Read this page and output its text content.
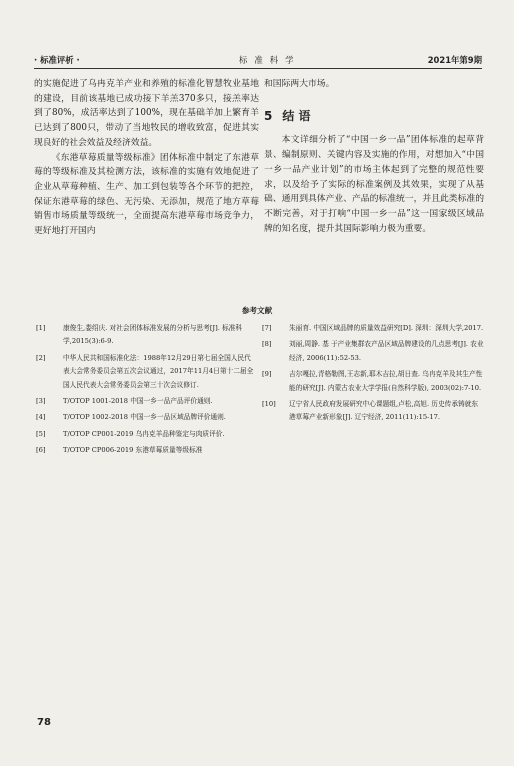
· 标准评析 ·	标准科学	2021年第9期

的实施促进了乌冉克羊产业和养殖的标准化智慧牧业基地的建设，目前该基地已成功接下羊羔370多只，接羔率达到了80%，成活率达到了100%，现在基础羊加上繁育羊已达到了800只，带动了当地牧民的增收致富，促进其实现良好的社会效益及经济效益。

《东港草莓质量等级标准》团体标准中制定了东港草莓的等级标准及其检测方法，该标准的实施有效地促进了企业从草莓种植、生产、加工到包装等各个环节的把控，保证东港草莓的绿色、无污染、无添加，规范了地方草莓销售市场质量等级统一，全面提高东港草莓市场竞争力，更好地打开国内

和国际两大市场。

5 结 语

本文详细分析了“中国一乡一品”团体标准的起草背景、编制原则、关键内容及实施的作用，对想加入“中国一乡一品产业计划”的市场主体起到了完整的规范性要求，以及给予了实际的标准案例及其效果，实现了从基础、通用到具体产业、产品的标准统一，并且此类标准的不断完善，对于打响“中国一乡一品”这一国家级区域品牌的知名度，提升其国际影响力极为重要。

参考文献
[1]	康俊生,娄绍庆. 对社会团体标准发展的分析与思考[J]. 标准科学,2015(3):6-9.
[2]	中华人民共和国标准化法：1988年12月29日第七届全国人民代表大会常务委员会第五次会议通过，2017年11月4日第十二届全国人民代表大会常务委员会第三十次会议修订.
[3]	T/OTOP 1001-2018 中国一乡一品产品评价通则.
[4]	T/OTOP 1002-2018 中国一乡一品区域品牌评价通则.
[5]	T/OTOP CP001-2019 乌冉克羊品种鉴定与肉质评价.
[6]	T/OTOP CP006-2019 东港草莓质量等级标准
[7]	朱丽育. 中国区域品牌的质量效益研究[D]. 深圳：深圳大学,2017.
[8]	刘丽,周静. 基 于产业集群农产品区域品牌建设的几点思考[J]. 农业经济, 2006(11):52-53.
[9]	吉尔嘎拉,青格勒图,王志新,耶木吉拉,胡日查. 乌冉克羊及其生产性能的研究[J]. 内蒙古农业大学学报(自然科学版), 2003(02):7-10.
[10] 辽宁省人民政府发展研究中心课题组,卢松,高旭. 历史传承铸就东港草莓产业新形象[J]. 辽宁经济, 2011(11):15-17.
78
